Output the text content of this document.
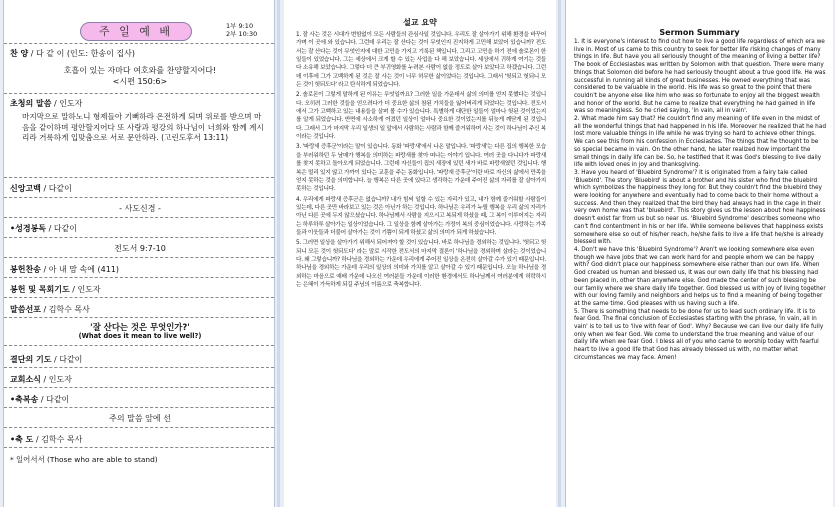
주 일 예 배	1부 9:10
2부 10:30
찬 양 / 다 같 이 (인도: 한송이 집사)
호흡이 있는 자마다 여호와를 찬양할지어다!
<시편 150:6>
초청의 말씀 / 인도자
마지막으로 말하노니 형제들아 기뻐하라 온전하게 되며 위로를 받으며 마음을 같이하며 평안할지어다 또 사랑과 평강의 하나님이 너희와 함께 계시리라 거룩하게 입맞춤으로 서로 문안하라. (고린도후서 13:11)
신앙고백 / 다같이
- 사도신경 -
•성경봉독 / 다같이
전도서 9:7-10
봉헌찬송 / 아 내 맘 속에 (411)
봉헌 및 목회기도 / 인도자
말씀선포 / 김학수 목사
'잘 산다는 것은 무엇인가?'
(What does it mean to live well?)
결단의 기도 / 다같이
교회소식 / 인도자
•축복송 / 다같이
주의 말씀 앞에 선
•축 도 / 김학수 목사
* 일어서서 (Those who are able to stand)
설교 요약

1. 잘 사는 것은 시대가 변함없이 모든 사람들의 관심사일 것입니다. 우리도 잘 살아가기 위해 환경을 바꾸어 가며 이 곳에 와 있습니다. 그런데 우리는 잘 산다는 것이 무엇인지 진지하게 고민해 보았어 있습니까? 전도서는 잘 산다는 것이 무엇인지에 대한 고민을 가지고 기록된 책입니다. 그리고 고민을 하기 전에 솔로몬이 한 일들이 있었습니다. 그는 세상에서 크게 할 수 있는 사업을 다 해 보았습니다. 세상에서 귀하게 여기는 것들 다 소유해 보았습니다. 그렇다 더 큰 부귀영화를 누려본 사람이 없을 정도로 살아 보았다고 하겠습니다. 그런데 이후에 그가 고백하게 된 것은 잘 사는 것이 너무 허무한 삶이었다는 것입니다. 그래서 '헛되고 헛되니 모든 것이 헛되도다' 라고 탄식하게 되었습니다.

2. 솔로몬이 그렇게 말하게 된 이유는 무엇일까요? 그러한 일을 가운데서 삶의 의미를 얻지 못했다는 것입니다. 오히려 그러한 것들을 얻으려다가 더 중요한 삶의 참된 가치들을 잃어버리게 되었다는 것입니다. 전도서에서 그가 고백하고 있는 내용들을 살펴 볼 수가 있습니다. 특별하게 대단한 일들이 얼마나 헛된 것이었는지를 알게 되었습니다. 반면에 사소하게 여겼던 일상이 얼마나 중요한 것이었는지를 뒤늦게 깨닫게 된 것입니다. 그래서 그가 마지막 우리 일생의 일 앞에서 사람하는 사람과 함께 즐거워하며 사는 것이 하나님이 주신 복이라는 것입니다.

3. '파랑새 증후군'이라는 말이 있습니다. 동화 '파랑새'에서 나온 말입니다. '파랑새'는 다른 집의 행복한 모습을 부러워하던 두 남매가 행복을 의미하는 파랑새를 찾아 떠나는 이야기 입니다. 여러 곳을 다니다가 파랑새를 찾지 못하고 돌아오게 되었습니다. 그런데 자신들이 집의 새장에 있던 새가 바로 파랑새였던 것입니다. 행복은 멀리 있지 않고 가까이 있다는 교훈을 주는 동화입니다. '파랑새 증후군'이란 바로 자신의 삶에서 만족을 얻지 못하는 것을 의미합니다. 늘 행복은 다른 곳에 있다고 생각하는 가운데 주어진 삶의 자리를 잘 살아가지 못하는 것입니다.

4. 우리에게 파랑새 증후군은 없습니까? 내가 힘써 일할 수 있는 자리가 있고, 내가 함께 즐거워할 사람들이 있는데, 다른 곳만 바라보고 있는 것은 아닌가 하는 것입니다. 하나님은 우리가 누릴 행복을 우리 삶의 자리가 아닌 다른 곳에 두지 않으셨습니다. 하나님께서 사람을 지으시고 복되게 하셨을 때, 그 복이 이루어지는 자리는 하루하루 살아가는 일상이었습니다. 그 일상을 함께 살아가는 가정이 복의 중심이었습니다. 사랑하는 가족들과 이웃들과 더불어 살아가는 것이 기쁨이 되게 하셨고 삶의 의미가 되게 하셨습니다.

5. 그러면 일상을 살아가기 위해서 되어져야 할 것이 있습니다. 바로 하나님을 경외하는 것입니다. '헛되고 헛되니 모든 것이 헛되도다' 라는 말로 시작한 전도서의 마지막 결론이 '하나님을 경외하며 살라는 것이었습니다. 왜 그렇습니까? 하나님을 경외하는 가운데 우리에게 주어진 일상을 온전히 살아갈 수가 있기 때문입니다. 하나님을 경외하는 가운데 우리의 일상의 의미와 가치를 알고 살아갈 수 있기 때문입니다. 오늘 하나님을 경외하는 마음으로 예배 가운데 나오신 여러분들 가운데 이러한 환경에서도 하나님께서 여러분에게 허락하시는 은혜이 가득하게 되길 주님의 이름으로 축복합니다.

Sermon Summary

1. It is everyone's interest to find out how to live a good life regardless of which era we live in. Most of us came to this country to seek for better life risking changes of many things in life. But have you all seriously thought of the meaning of living a better life? The book of Ecclesiastes was written by Solomon with that question. There were many things that Solomon did before he had seriously thought about a true good life. He was successful in running all kinds of great businesses. He owned everything that was considered to be valuable in the world. His life was so great to the point that there couldn't be anyone else like him who was so fortunate to enjoy all the biggest wealth and honor of the world. But he came to realize that everything he had gained in life was so meaningless. So he cried saying, 'in vain, all in vain'.

2. What made him say that? He couldn't find any meaning of life even in the midst of all the wonderful things that had happened in his life. Moreover he realized that he had lost more valuable things in life while he was trying so hard to achieve other things. We can see this from his confession in Ecclesiastes. The things that he thought to be so special became in vain. On the other hand, he later realized how important the small things in daily life can be. So, he testified that it was God's blessing to live daily life with loved ones in joy and thanksgiving.

3. Have you heard of 'Bluebird Syndrome'? It is originated from a fairy tale called 'Bluebird'. The story 'Bluebird' is about a brother and his sister who find the bluebird which symbolizes the happiness they long for. But they couldn't find the bluebird they were looking for anywhere and eventually had to come back to their home without a success. And then they realized that the bird they had always had in the cage in their very own home was that 'bluebird'. This story gives us the lesson about how happiness doesn't exist far from us but so near us. 'Bluebird Syndrome' describes someone who can't find contentment in his or her life. While someone believes that happiness exists somewhere else so out of his/her reach, he/she fails to live a life that he/she is already blessed with.

4. Don't we have this 'Bluebird Syndrome'? Aren't we looking somewhere else even though we have jobs that we can work hard for and people whom we can be happy with? God didn't place our happiness somewhere else rather than our own life. When God created us human and blessed us, it was our own daily life that his blessing had been placed in, other than anywhere else. God made the center of such blessing be our family where we share daily life together. God blessed us with joy of living together with our loving family and neighbors and helps us to find a meaning of being together at the same time. God pleases with us having such a life.

5. There is something that needs to be done for us to lead such ordinary life. It is to fear God. The final conclusion of Ecclesiastes starting with the phrase, 'in vain, all in vain' is to tell us to 'live with fear of God'. Why? Because we can live our daily life fully only when we fear God. We come to understand the true meaning and value of our daily life when we fear God. I bless all of you who came to worship today with fearful heart to live a good life that God has already blessed us with, no matter what circumstances we may face. Amen!
